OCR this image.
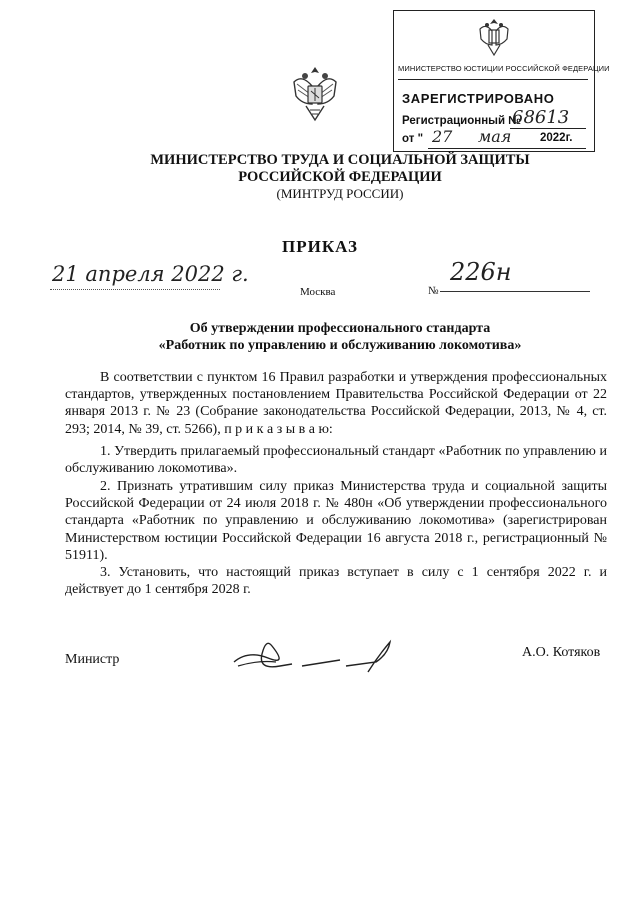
МИНИСТЕРСТВО ЮСТИЦИИ РОССИЙСКОЙ ФЕДЕРАЦИИ
ЗАРЕГИСТРИРОВАНО
Регистрационный №
68613
от " 27 мая 2022г.
МИНИСТЕРСТВО ТРУДА И СОЦИАЛЬНОЙ ЗАЩИТЫ
РОССИЙСКОЙ ФЕДЕРАЦИИ
(МИНТРУД РОССИИ)
ПРИКАЗ
21 апреля 2022 г.
Москва	№
226н
Об утверждении профессионального стандарта
«Работник по управлению и обслуживанию локомотива»
В соответствии с пунктом 16 Правил разработки и утверждения профессиональных стандартов, утвержденных постановлением Правительства Российской Федерации от 22 января 2013 г. № 23 (Собрание законодательства Российской Федерации, 2013, № 4, ст. 293; 2014, № 39, ст. 5266), п р и к а з ы в а ю:
1. Утвердить прилагаемый профессиональный стандарт «Работник по управлению и обслуживанию локомотива».
2. Признать утратившим силу приказ Министерства труда и социальной защиты Российской Федерации от 24 июля 2018 г. № 480н «Об утверждении профессионального стандарта «Работник по управлению и обслуживанию локомотива» (зарегистрирован Министерством юстиции Российской Федерации 16 августа 2018 г., регистрационный № 51911).
3. Установить, что настоящий приказ вступает в силу с 1 сентября 2022 г. и действует до 1 сентября 2028 г.
Министр	А.О. Котяков
